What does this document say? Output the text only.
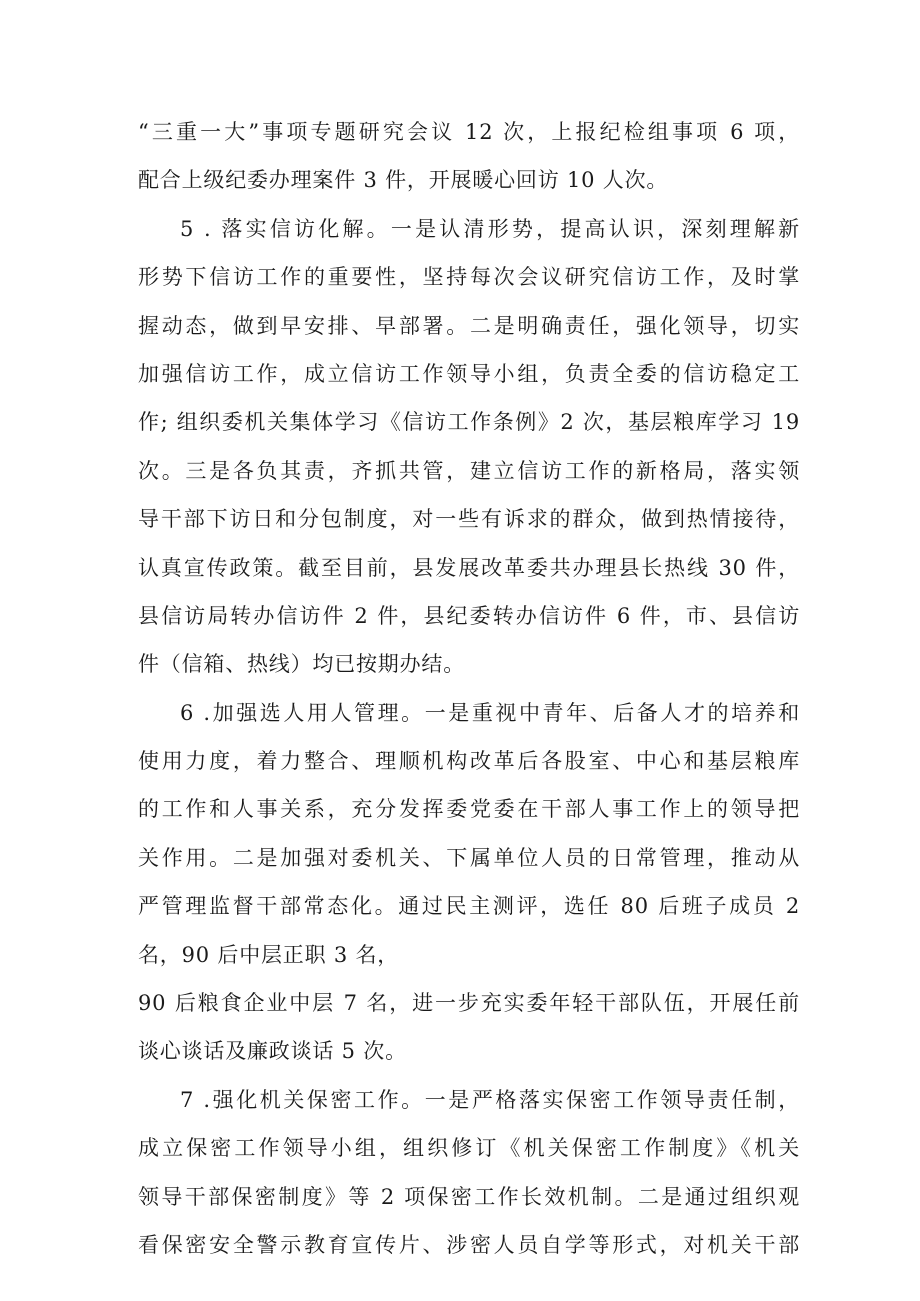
“三重一大”事项专题研究会议 12 次，上报纪检组事项 6 项，
配合上级纪委办理案件 3 件，开展暖心回访 10 人次。
5 . 落实信访化解。一是认清形势，提高认识，深刻理解新
形势下信访工作的重要性，坚持每次会议研究信访工作，及时掌
握动态，做到早安排、早部署。二是明确责任，强化领导，切实
加强信访工作，成立信访工作领导小组，负责全委的信访稳定工
作; 组织委机关集体学习《信访工作条例》2 次，基层粮库学习 19
次。三是各负其责，齐抓共管，建立信访工作的新格局，落实领
导干部下访日和分包制度，对一些有诉求的群众，做到热情接待，
认真宣传政策。截至目前，县发展改革委共办理县长热线 30 件，
县信访局转办信访件 2 件，县纪委转办信访件 6 件，市、县信访
件（信箱、热线）均已按期办结。
6 .加强选人用人管理。一是重视中青年、后备人才的培养和
使用力度，着力整合、理顺机构改革后各股室、中心和基层粮库
的工作和人事关系，充分发挥委党委在干部人事工作上的领导把
关作用。二是加强对委机关、下属单位人员的日常管理，推动从
严管理监督干部常态化。通过民主测评，选任 80 后班子成员 2
名，90 后中层正职 3 名，
90 后粮食企业中层 7 名，进一步充实委年轻干部队伍，开展任前
谈心谈话及廉政谈话 5 次。
7 .强化机关保密工作。一是严格落实保密工作领导责任制，
成立保密工作领导小组，组织修订《机关保密工作制度》《机关
领导干部保密制度》等 2 项保密工作长效机制。二是通过组织观
看保密安全警示教育宣传片、涉密人员自学等形式，对机关干部
